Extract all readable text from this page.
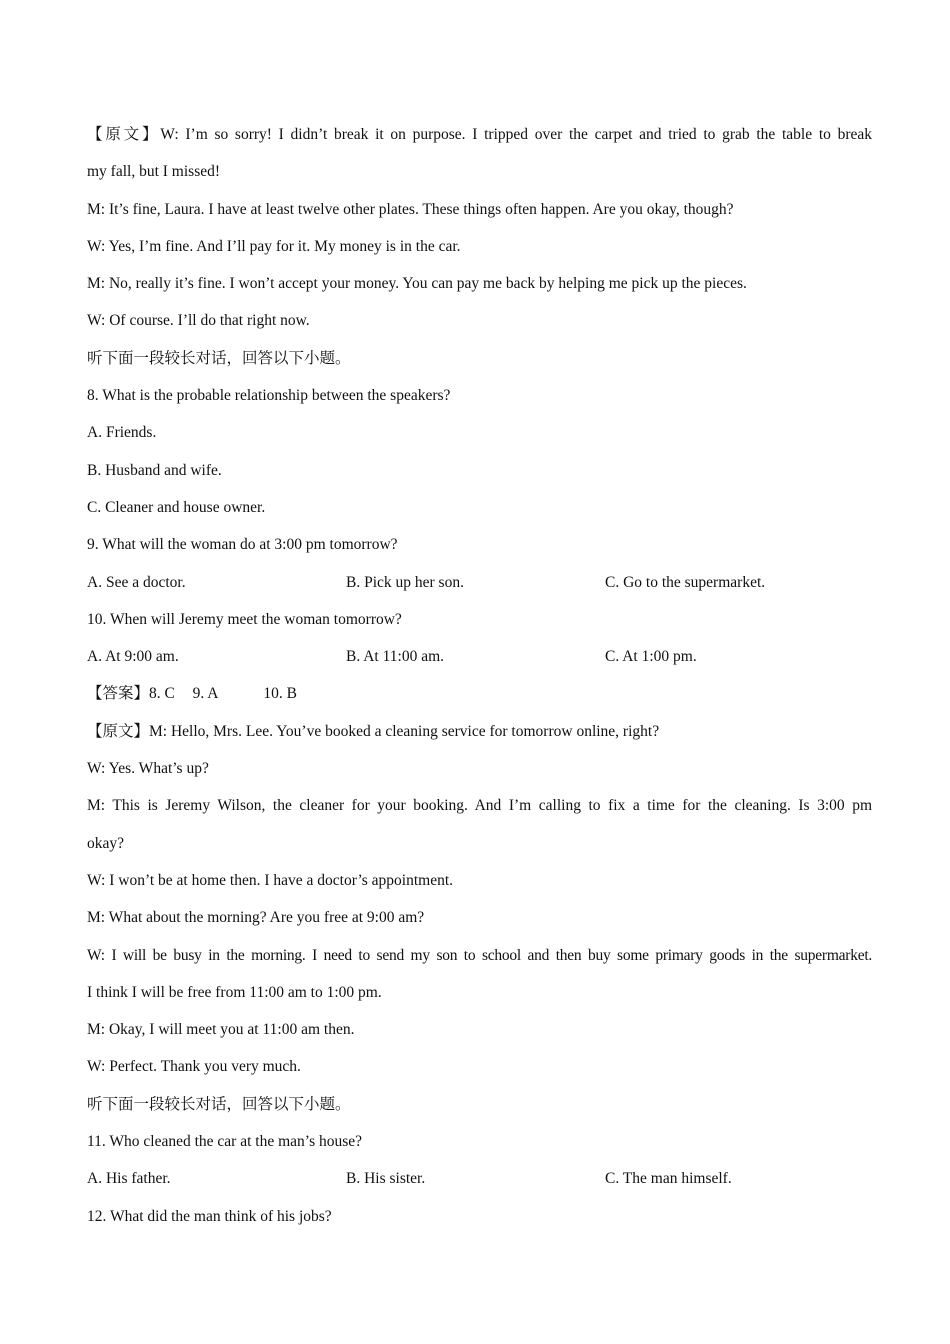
【原文】W: I’m so sorry! I didn’t break it on purpose. I tripped over the carpet and tried to grab the table to break
my fall, but I missed!
M: It’s fine, Laura. I have at least twelve other plates. These things often happen. Are you okay, though?
W: Yes, I’m fine. And I’ll pay for it. My money is in the car.
M: No, really it’s fine. I won’t accept your money. You can pay me back by helping me pick up the pieces.
W: Of course. I’ll do that right now.
听下面一段较长对话，回答以下小题。
8. What is the probable relationship between the speakers?
A. Friends.
B. Husband and wife.
C. Cleaner and house owner.
9. What will the woman do at 3:00 pm tomorrow?
A. See a doctor.	B. Pick up her son.	C. Go to the supermarket.
10. When will Jeremy meet the woman tomorrow?
A. At 9:00 am.	B. At 11:00 am.	C. At 1:00 pm.
【答案】8. C 9. A	10. B
【原文】M: Hello, Mrs. Lee. You’ve booked a cleaning service for tomorrow online, right?
W: Yes. What’s up?
M: This is Jeremy Wilson, the cleaner for your booking. And I’m calling to fix a time for the cleaning. Is 3:00 pm
okay?
W: I won’t be at home then. I have a doctor’s appointment.
M: What about the morning? Are you free at 9:00 am?
W: I will be busy in the morning. I need to send my son to school and then buy some primary goods in the supermarket.
I think I will be free from 11:00 am to 1:00 pm.
M: Okay, I will meet you at 11:00 am then.
W: Perfect. Thank you very much.
听下面一段较长对话，回答以下小题。
11. Who cleaned the car at the man’s house?
A. His father.	B. His sister.	C. The man himself.
12. What did the man think of his jobs?
